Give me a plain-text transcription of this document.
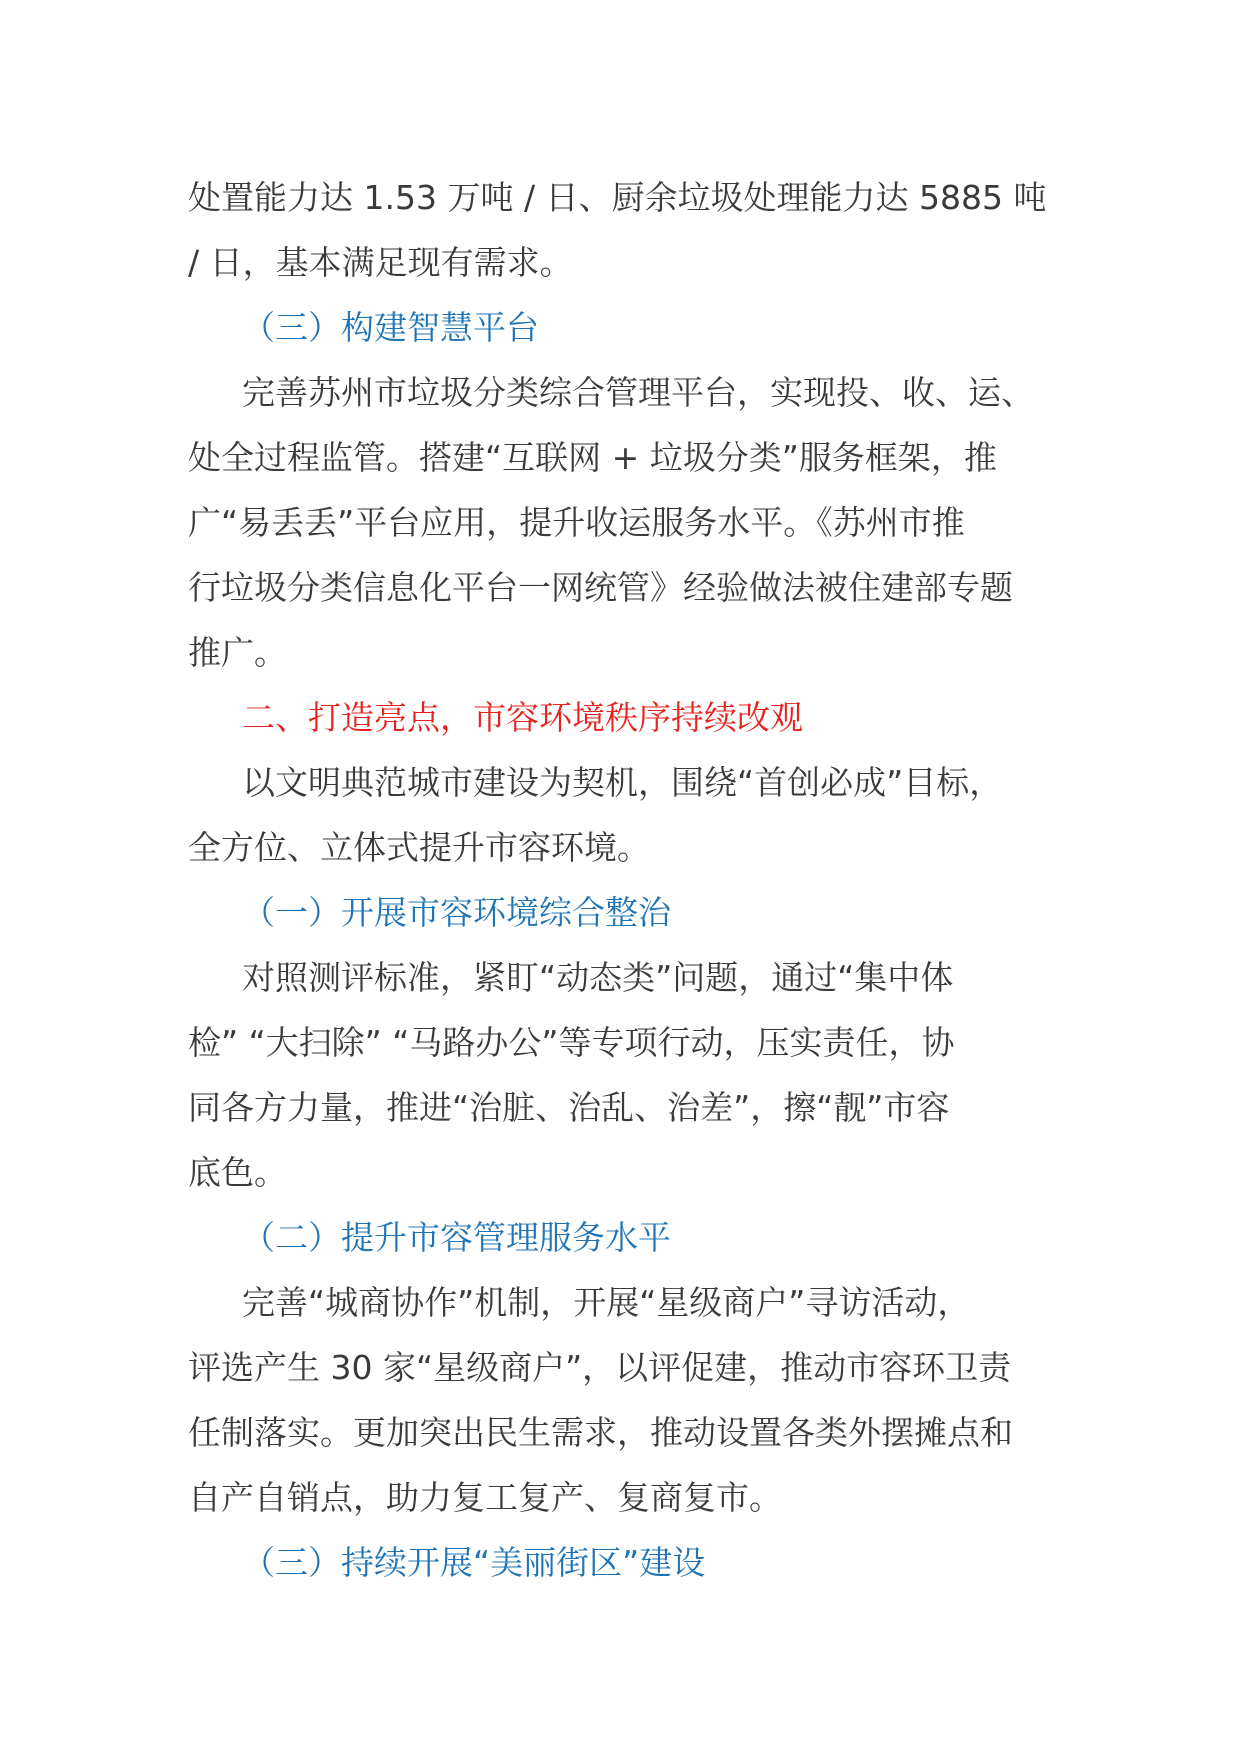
处置能力达 1.53 万吨 / 日、厨余垃圾处理能力达 5885 吨
/ 日，基本满足现有需求。
（三）构建智慧平台
完善苏州市垃圾分类综合管理平台，实现投、收、运、
处全过程监管。搭建“互联网 + 垃圾分类”服务框架，推
广“易丢丢”平台应用，提升收运服务水平。《苏州市推
行垃圾分类信息化平台一网统管》经验做法被住建部专题
推广。
二、打造亮点，市容环境秩序持续改观
以文明典范城市建设为契机，围绕“首创必成”目标，
全方位、立体式提升市容环境。
（一）开展市容环境综合整治
对照测评标准，紧盯“动态类”问题，通过“集中体
检” “大扫除” “马路办公”等专项行动，压实责任，协
同各方力量，推进“治脏、治乱、治差”，擦“靓”市容
底色。
（二）提升市容管理服务水平
完善“城商协作”机制，开展“星级商户”寻访活动，
评选产生 30 家“星级商户”，以评促建，推动市容环卫责
任制落实。更加突出民生需求，推动设置各类外摆摊点和
自产自销点，助力复工复产、复商复市。
（三）持续开展“美丽街区”建设
